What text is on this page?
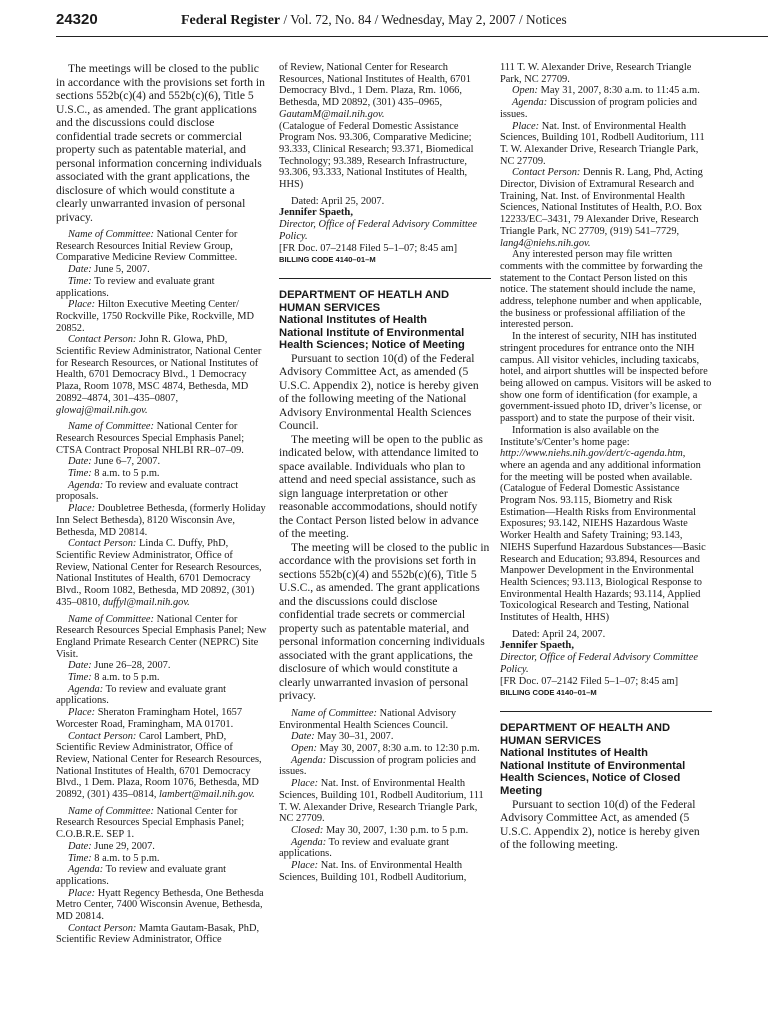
24320	Federal Register / Vol. 72, No. 84 / Wednesday, May 2, 2007 / Notices

The meetings will be closed to the public in accordance with the provisions set forth in sections 552b(c)(4) and 552b(c)(6), Title 5 U.S.C., as amended. The grant applications and the discussions could disclose confidential trade secrets or commercial property such as patentable material, and personal information concerning individuals associated with the grant applications, the disclosure of which would constitute a clearly unwarranted invasion of personal privacy.

Name of Committee: National Center for Research Resources Initial Review Group, Comparative Medicine Review Committee.

Date: June 5, 2007.

Time: To review and evaluate grant applications.

Place: Hilton Executive Meeting Center/ Rockville, 1750 Rockville Pike, Rockville, MD 20852.

Contact Person: John R. Glowa, PhD, Scientific Review Administrator, National Center for Research Resources, or National Institutes of Health, 6701 Democracy Blvd., 1 Democracy Plaza, Room 1078, MSC 4874, Bethesda, MD 20892–4874, 301–435–0807, glowaj@mail.nih.gov.

Name of Committee: National Center for Research Resources Special Emphasis Panel; CTSA Contract Proposal NHLBI RR–07–09.

Date: June 6–7, 2007.

Time: 8 a.m. to 5 p.m.

Agenda: To review and evaluate contract proposals.

Place: Doubletree Bethesda, (formerly Holiday Inn Select Bethesda), 8120 Wisconsin Ave, Bethesda, MD 20814.

Contact Person: Linda C. Duffy, PhD, Scientific Review Administrator, Office of Review, National Center for Research Resources, National Institutes of Health, 6701 Democracy Blvd., Room 1082, Bethesda, MD 20892, (301) 435–0810, duffyl@mail.nih.gov.

Name of Committee: National Center for Research Resources Special Emphasis Panel; New England Primate Research Center (NEPRC) Site Visit.

Date: June 26–28, 2007.

Time: 8 a.m. to 5 p.m.

Agenda: To review and evaluate grant applications.

Place: Sheraton Framingham Hotel, 1657 Worcester Road, Framingham, MA 01701.

Contact Person: Carol Lambert, PhD, Scientific Review Administrator, Office of Review, National Center for Research Resources, National Institutes of Health, 6701 Democracy Blvd., 1 Dem. Plaza, Room 1076, Bethesda, MD 20892, (301) 435–0814, lambert@mail.nih.gov.

Name of Committee: National Center for Research Resources Special Emphasis Panel; C.O.B.R.E. SEP 1.

Date: June 29, 2007.

Time: 8 a.m. to 5 p.m.

Agenda: To review and evaluate grant applications.

Place: Hyatt Regency Bethesda, One Bethesda Metro Center, 7400 Wisconsin Avenue, Bethesda, MD 20814.

Contact Person: Mamta Gautam-Basak, PhD, Scientific Review Administrator, Office

of Review, National Center for Research Resources, National Institutes of Health, 6701 Democracy Blvd., 1 Dem. Plaza, Rm. 1066, Bethesda, MD 20892, (301) 435–0965, GautamM@mail.nih.gov.

(Catalogue of Federal Domestic Assistance Program Nos. 93.306, Comparative Medicine; 93.333, Clinical Research; 93.371, Biomedical Technology; 93.389, Research Infrastructure, 93.306, 93.333, National Institutes of Health, HHS)

Dated: April 25, 2007.

Jennifer Spaeth,

Director, Office of Federal Advisory Committee Policy.

[FR Doc. 07–2148 Filed 5–1–07; 8:45 am]

BILLING CODE 4140–01–M

DEPARTMENT OF HEATLH AND HUMAN SERVICES

National Institutes of Health

National Institute of Environmental Health Sciences; Notice of Meeting

Pursuant to section 10(d) of the Federal Advisory Committee Act, as amended (5 U.S.C. Appendix 2), notice is hereby given of the following meeting of the National Advisory Environmental Health Sciences Council.

The meeting will be open to the public as indicated below, with attendance limited to space available. Individuals who plan to attend and need special assistance, such as sign language interpretation or other reasonable accommodations, should notify the Contact Person listed below in advance of the meeting.

The meeting will be closed to the public in accordance with the provisions set forth in sections 552b(c)(4) and 552b(c)(6), Title 5 U.S.C., as amended. The grant applications and the discussions could disclose confidential trade secrets or commercial property such as patentable material, and personal information concerning individuals associated with the grant applications, the disclosure of which would constitute a clearly unwarranted invasion of personal privacy.

Name of Committee: National Advisory Environmental Health Sciences Council.

Date: May 30–31, 2007.

Open: May 30, 2007, 8:30 a.m. to 12:30 p.m.

Agenda: Discussion of program policies and issues.

Place: Nat. Inst. of Environmental Health Sciences, Building 101, Rodbell Auditorium, 111 T. W. Alexander Drive, Research Triangle Park, NC 27709.

Closed: May 30, 2007, 1:30 p.m. to 5 p.m.

Agenda: To review and evaluate grant applications.

Place: Nat. Ins. of Environmental Health Sciences, Building 101, Rodbell Auditorium,

111 T. W. Alexander Drive, Research Triangle Park, NC 27709.

Open: May 31, 2007, 8:30 a.m. to 11:45 a.m.

Agenda: Discussion of program policies and issues.

Place: Nat. Inst. of Environmental Health Sciences, Building 101, Rodbell Auditorium, 111 T. W. Alexander Drive, Research Triangle Park, NC 27709.

Contact Person: Dennis R. Lang, Phd, Acting Director, Division of Extramural Research and Training, Nat. Inst. of Environmental Health Sciences, National Institutes of Health, P.O. Box 12233/EC–3431, 79 Alexander Drive, Research Triangle Park, NC 27709, (919) 541–7729, lang4@niehs.nih.gov.

Any interested person may file written comments with the committee by forwarding the statement to the Contact Person listed on this notice. The statement should include the name, address, telephone number and when applicable, the business or professional affiliation of the interested person.

In the interest of security, NIH has instituted stringent procedures for entrance onto the NIH campus. All visitor vehicles, including taxicabs, hotel, and airport shuttles will be inspected before being allowed on campus. Visitors will be asked to show one form of identification (for example, a government-issued photo ID, driver’s license, or passport) and to state the purpose of their visit.

Information is also available on the Institute’s/Center’s home page: http://www.niehs.nih.gov/dert/c-agenda.htm, where an agenda and any additional information for the meeting will be posted when available.

(Catalogue of Federal Domestic Assistance Program Nos. 93.115, Biometry and Risk Estimation—Health Risks from Environmental Exposures; 93.142, NIEHS Hazardous Waste Worker Health and Safety Training; 93.143, NIEHS Superfund Hazardous Substances—Basic Research and Education; 93.894, Resources and Manpower Development in the Environmental Health Sciences; 93.113, Biological Response to Environmental Health Hazards; 93.114, Applied Toxicological Research and Testing, National Institutes of Health, HHS)

Dated: April 24, 2007.

Jennifer Spaeth,

Director, Office of Federal Advisory Committee Policy.

[FR Doc. 07–2142 Filed 5–1–07; 8:45 am]

BILLING CODE 4140–01–M

DEPARTMENT OF HEALTH AND HUMAN SERVICES

National Institutes of Health

National Institute of Environmental Health Sciences, Notice of Closed Meeting

Pursuant to section 10(d) of the Federal Advisory Committee Act, as amended (5 U.S.C. Appendix 2), notice is hereby given of the following meeting.
